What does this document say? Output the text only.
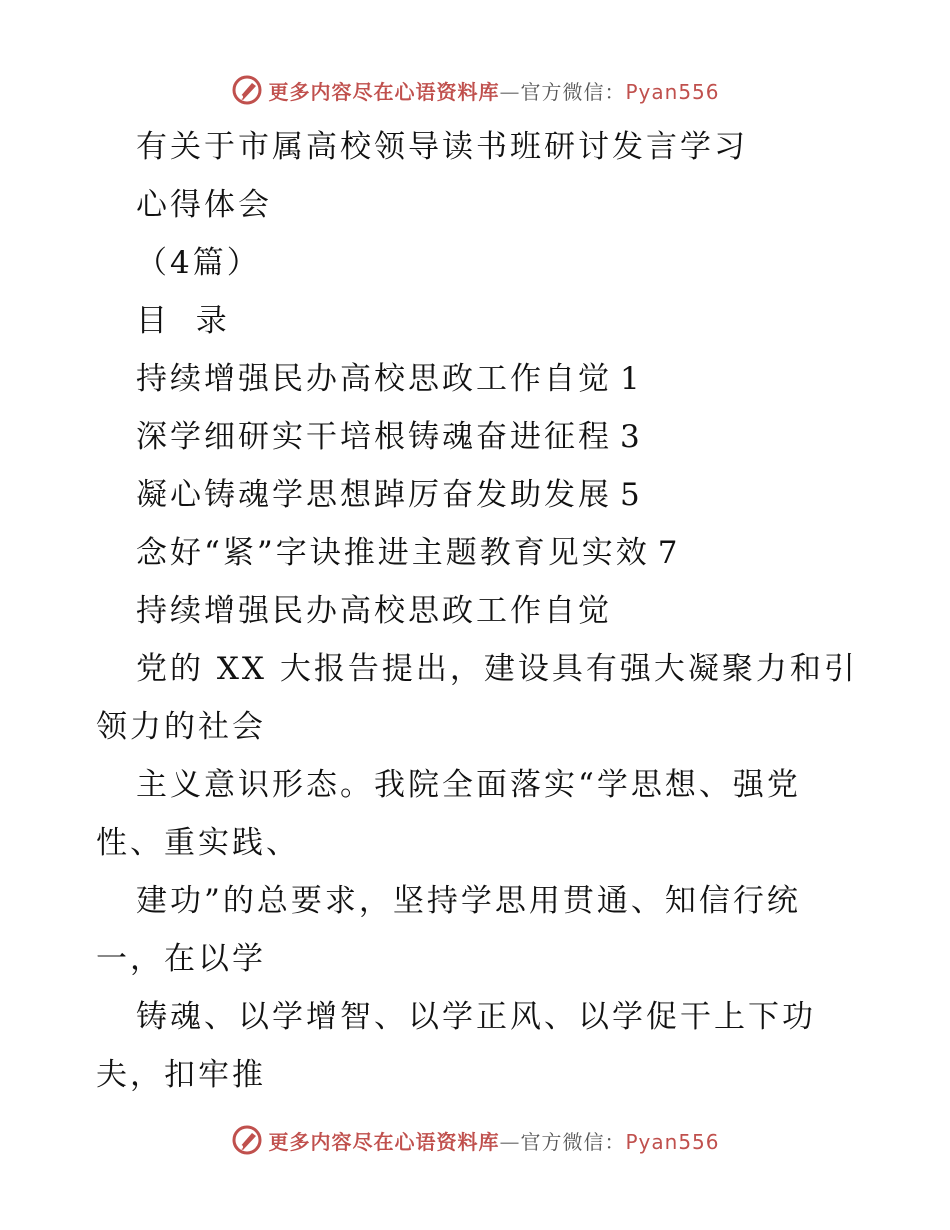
更多内容尽在心语资料库—官方微信：Pyan556
有关于市属高校领导读书班研讨发言学习
心得体会
（4篇）
目  录
持续增强民办高校思政工作自觉 1
深学细研实干培根铸魂奋进征程 3
凝心铸魂学思想踔厉奋发助发展 5
念好“紧”字诀推进主题教育见实效 7
持续增强民办高校思政工作自觉
党的 XX 大报告提出，建设具有强大凝聚力和引
领力的社会
主义意识形态。我院全面落实“学思想、强党
性、重实践、
建功”的总要求，坚持学思用贯通、知信行统
一，在以学
铸魂、以学增智、以学正风、以学促干上下功
夫，扣牢推
更多内容尽在心语资料库—官方微信：Pyan556
